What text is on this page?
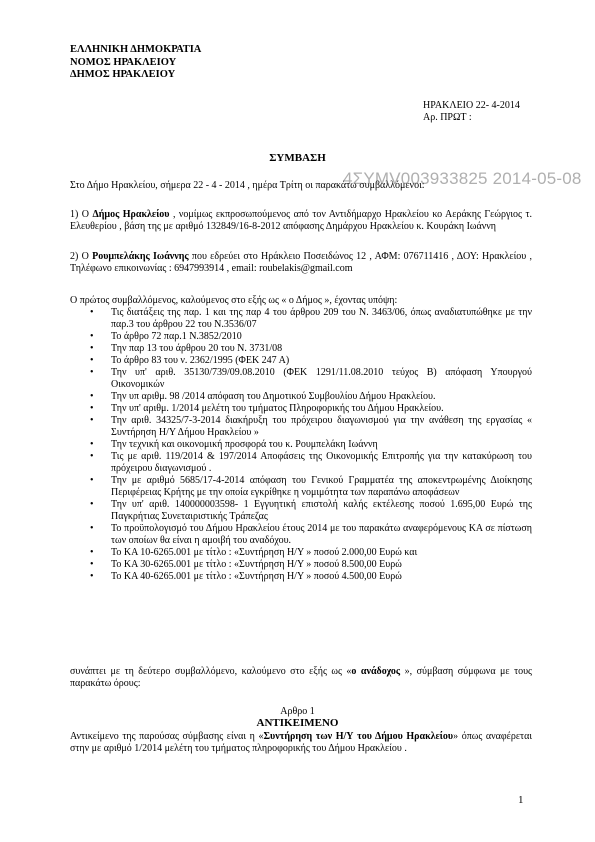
ΕΛΛΗΝΙΚΗ ΔΗΜΟΚΡΑΤΙΑ
ΝΟΜΟΣ ΗΡΑΚΛΕΙΟΥ
ΔΗΜΟΣ ΗΡΑΚΛΕΙΟΥ
ΗΡΑΚΛΕΙΟ 22- 4-2014
Αρ. ΠΡΩΤ :
ΣΥΜΒΑΣΗ

Στο Δήμο Ηρακλείου, σήμερα 22 - 4 - 2014 , ημέρα Τρίτη οι παρακάτω συμβαλλόμενοι:

4ΣΥΜV003933825 2014-05-08

1) Ο Δήμος Ηρακλείου , νομίμως εκπροσωπούμενος από τον Αντιδήμαρχο Ηρακλείου κο Αεράκης Γεώργιος τ. Ελευθερίου , βάση της με αριθμό 132849/16-8-2012 απόφασης Δημάρχου Ηρακλείου κ. Κουράκη Ιωάννη

2) Ο Ρουμπελάκης Ιωάννης που εδρεύει στο Ηράκλειο Ποσειδώνος 12 , ΑΦΜ: 076711416 , ΔΟΥ: Ηρακλείου , Τηλέφωνο επικοινωνίας : 6947993914 , email: roubelakis@gmail.com

Ο πρώτος συμβαλλόμενος, καλούμενος στο εξής ως « ο Δήμος », έχοντας υπόψη:

• Τις διατάξεις της παρ. 1 και της παρ 4 του άρθρου 209 του Ν. 3463/06, όπως αναδιατυπώθηκε με την παρ.3 του άρθρου 22 του Ν.3536/07
• Το άρθρο 72 παρ.1 Ν.3852/2010
• Την παρ 13 του άρθρου 20 του Ν. 3731/08
• Το άρθρο 83 του ν. 2362/1995 (ΦΕΚ 247 Α)
• Την υπ' αριθ. 35130/739/09.08.2010 (ΦΕΚ 1291/11.08.2010 τεύχος Β) απόφαση Υπουργού Οικονομικών
• Την υπ αριθμ. 98 /2014 απόφαση του Δημοτικού Συμβουλίου Δήμου Ηρακλείου.
• Την υπ' αριθμ. 1/2014 μελέτη του τμήματος Πληροφορικής του Δήμου Ηρακλείου.
• Την αριθ. 34325/7-3-2014 διακήρυξη του πρόχειρου διαγωνισμού για την ανάθεση της εργασίας « Συντήρηση Η/Υ Δήμου Ηρακλείου »
• Την τεχνική και οικονομική προσφορά του κ. Ρουμπελάκη Ιωάννη
• Τις με αριθ. 119/2014 & 197/2014 Αποφάσεις της Οικονομικής Επιτροπής για την κατακύρωση του πρόχειρου διαγωνισμού .
• Την με αριθμό 5685/17-4-2014 απόφαση του Γενικού Γραμματέα της αποκεντρωμένης Διοίκησης Περιφέρειας Κρήτης με την οποία εγκρίθηκε η νομιμότητα των παραπάνω αποφάσεων
• Την υπ' αριθ. 140000003598- 1 Εγγυητική επιστολή καλής εκτέλεσης ποσού 1.695,00 Ευρώ της Παγκρήτιας Συνεταιριστικής Τράπεζας
• Το προϋπολογισμό του Δήμου Ηρακλείου έτους 2014 με του παρακάτω αναφερόμενους ΚΑ σε πίστωση των οποίων θα είναι η αμοιβή του αναδόχου.
• Το ΚΑ 10-6265.001 με τίτλο : «Συντήρηση Η/Υ » ποσού 2.000,00 Ευρώ και
• Το ΚΑ 30-6265.001 με τίτλο : «Συντήρηση Η/Υ » ποσού 8.500,00 Ευρώ
• Το ΚΑ 40-6265.001 με τίτλο : «Συντήρηση Η/Υ » ποσού 4.500,00 Ευρώ

συνάπτει με τη δεύτερο συμβαλλόμενο, καλούμενο στο εξής ως «ο ανάδοχος », σύμβαση σύμφωνα με τους παρακάτω όρους:

Αρθρο 1
ΑΝΤΙΚΕΙΜΕΝΟ

Αντικείμενο της παρούσας σύμβασης είναι η «Συντήρηση των Η/Υ του Δήμου Ηρακλείου» όπως αναφέρεται στην με αριθμό 1/2014 μελέτη του τμήματος πληροφορικής του Δήμου Ηρακλείου .

1
